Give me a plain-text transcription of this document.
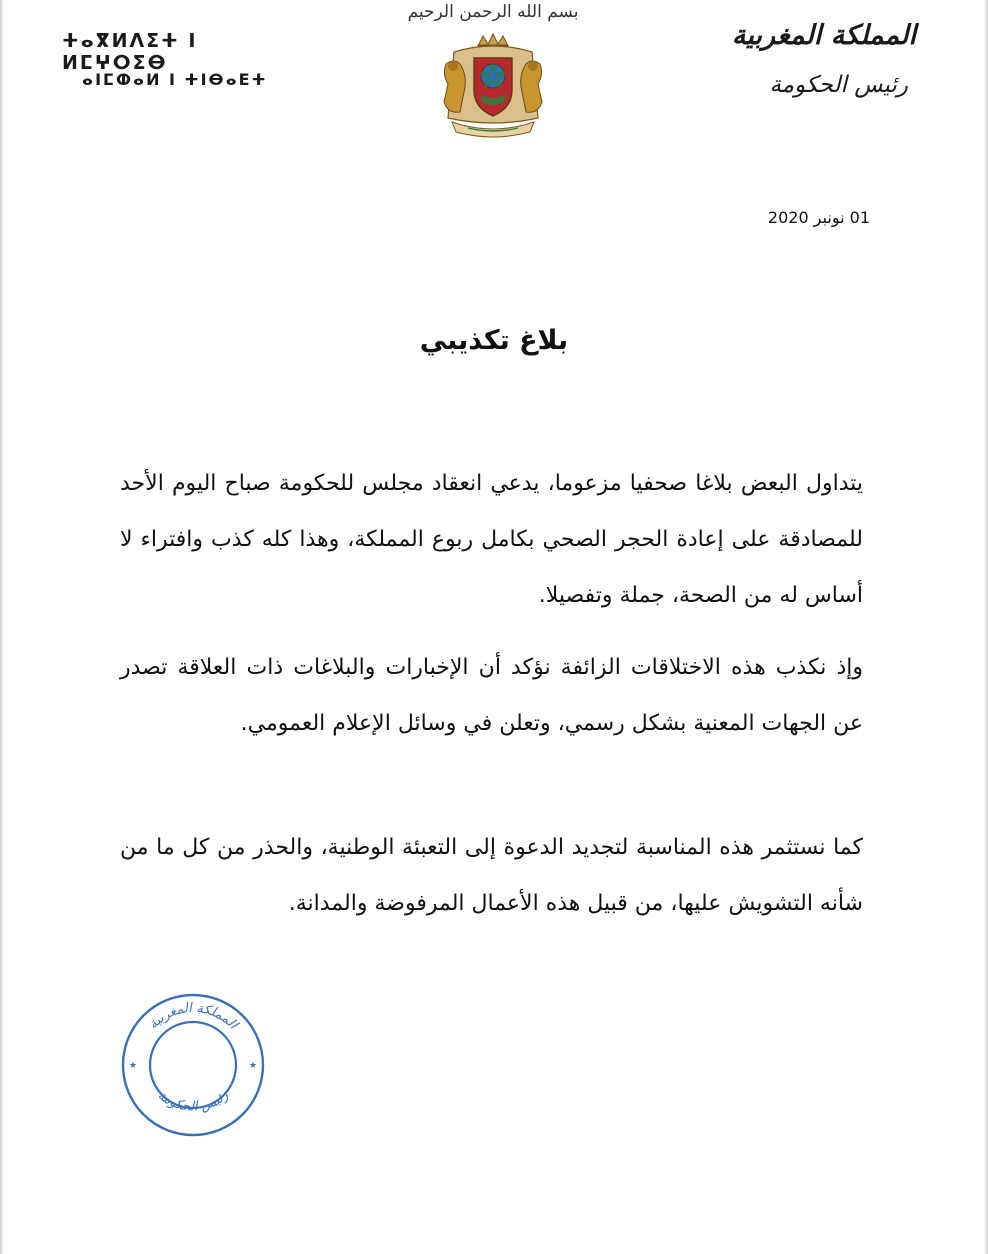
ⵜⴰⴳⵍⴷⵉⵜ ⵏ ⵍⵎⵖⵔⵉⴱ
ⴰⵏⵎⵀⴰⵍ ⵏ ⵜⵏⴱⴰⴹⵜ
بسم الله الرحمن الرحيم
المملكة المغربية
رئيس الحكومة
01 نونبر 2020
بلاغ تكذيبي
يتداول البعض بلاغا صحفيا مزعوما، يدعي انعقاد مجلس للحكومة صباح اليوم الأحد للمصادقة على إعادة الحجر الصحي بكامل ربوع المملكة، وهذا كله كذب وافتراء لا أساس له من الصحة، جملة وتفصيلا.
وإذ نكذب هذه الاختلاقات الزائفة نؤكد أن الإخبارات والبلاغات ذات العلاقة تصدر عن الجهات المعنية بشكل رسمي، وتعلن في وسائل الإعلام العمومي.
كما نستثمر هذه المناسبة لتجديد الدعوة إلى التعبئة الوطنية، والحذر من كل ما من شأنه التشويش عليها، من قبيل هذه الأعمال المرفوضة والمدانة.
★	★
المملكة المغربية
رئيس الحكومة
